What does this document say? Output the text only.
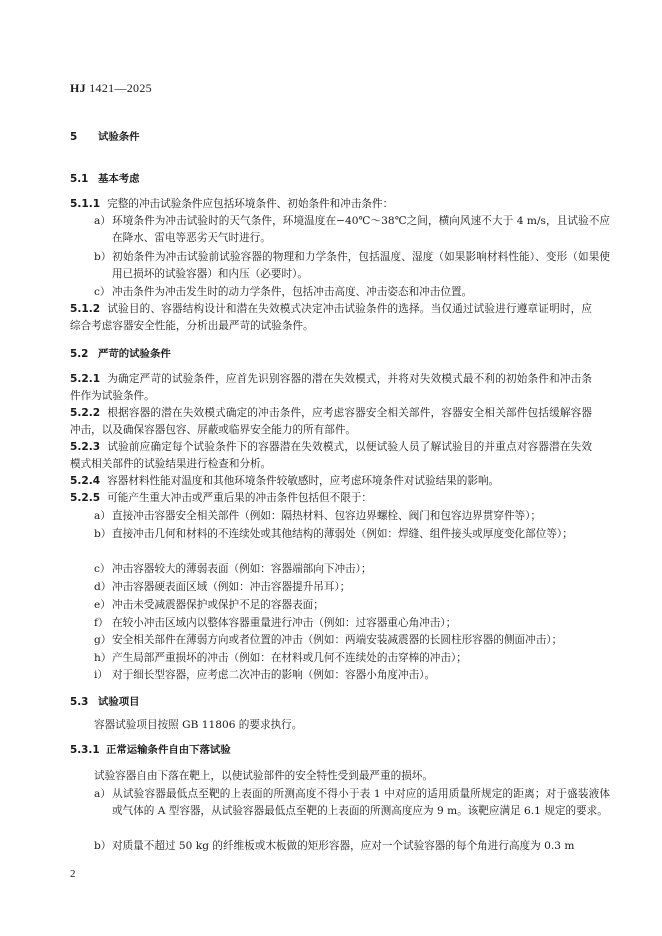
HJ 1421—2025
5 试验条件
5.1 基本考虑
5.1.1 完整的冲击试验条件应包括环境条件、初始条件和冲击条件：
a）环境条件为冲击试验时的天气条件，环境温度在−40℃～38℃之间，横向风速不大于 4 m/s，且试验不应在降水、雷电等恶劣天气时进行。
b）初始条件为冲击试验前试验容器的物理和力学条件，包括温度、湿度（如果影响材料性能）、变形（如果使用已损坏的试验容器）和内压（必要时）。
c）冲击条件为冲击发生时的动力学条件，包括冲击高度、冲击姿态和冲击位置。
5.1.2 试验目的、容器结构设计和潜在失效模式决定冲击试验条件的选择。当仅通过试验进行遵章证明时，应综合考虑容器安全性能，分析出最严苛的试验条件。
5.2 严苛的试验条件
5.2.1 为确定严苛的试验条件，应首先识别容器的潜在失效模式，并将对失效模式最不利的初始条件和冲击条件作为试验条件。
5.2.2 根据容器的潜在失效模式确定的冲击条件，应考虑容器安全相关部件，容器安全相关部件包括缓解容器冲击，以及确保容器包容、屏蔽或临界安全能力的所有部件。
5.2.3 试验前应确定每个试验条件下的容器潜在失效模式，以便试验人员了解试验目的并重点对容器潜在失效模式相关部件的试验结果进行检查和分析。
5.2.4 容器材料性能对温度和其他环境条件较敏感时，应考虑环境条件对试验结果的影响。
5.2.5 可能产生重大冲击或严重后果的冲击条件包括但不限于：
a）直接冲击容器安全相关部件（例如：隔热材料、包容边界螺栓、阀门和包容边界贯穿件等）；
b）直接冲击几何和材料的不连续处或其他结构的薄弱处（例如：焊缝、组件接头或厚度变化部位等）；
c）冲击容器较大的薄弱表面（例如：容器端部向下冲击）；
d）冲击容器硬表面区域（例如：冲击容器提升吊耳）；
e）冲击未受减震器保护或保护不足的容器表面；
f） 在较小冲击区域内以整体容器重量进行冲击（例如：过容器重心角冲击）；
g）安全相关部件在薄弱方向或者位置的冲击（例如：两端安装减震器的长圆柱形容器的侧面冲击）；
h）产生局部严重损坏的冲击（例如：在材料或几何不连续处的击穿棒的冲击）；
i） 对于细长型容器，应考虑二次冲击的影响（例如：容器小角度冲击）。
5.3 试验项目
容器试验项目按照 GB 11806 的要求执行。
5.3.1 正常运输条件自由下落试验
试验容器自由下落在靶上，以使试验部件的安全特性受到最严重的损坏。
a）从试验容器最低点至靶的上表面的所测高度不得小于表 1 中对应的适用质量所规定的距离；对于盛装液体或气体的 A 型容器，从试验容器最低点至靶的上表面的所测高度应为 9 m。该靶应满足 6.1 规定的要求。
b）对质量不超过 50 kg 的纤维板或木板做的矩形容器，应对一个试验容器的每个角进行高度为 0.3 m
2
